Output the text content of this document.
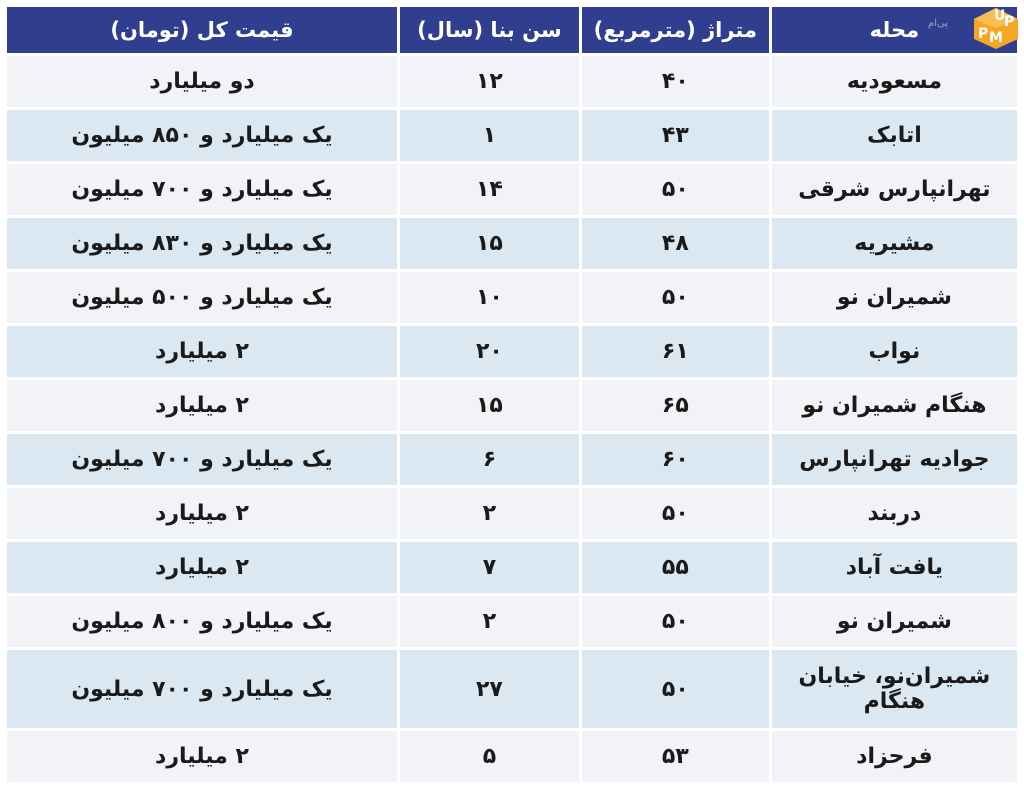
محله	متراژ (مترمربع)	سن بنا (سال)	قیمت کل (تومان)
مسعودیه	۴۰	۱۲	دو میلیارد
اتابک	۴۳	۱	یک میلیارد و ۸۵۰ میلیون
تهرانپارس شرقی	۵۰	۱۴	یک میلیارد و ۷۰۰ میلیون
مشیریه	۴۸	۱۵	یک میلیارد و ۸۳۰ میلیون
شمیران نو	۵۰	۱۰	یک میلیارد و ۵۰۰ میلیون
نواب	۶۱	۲۰	۲ میلیارد
هنگام شمیران نو	۶۵	۱۵	۲ میلیارد
جوادیه تهرانپارس	۶۰	۶	یک میلیارد و ۷۰۰ میلیون
دربند	۵۰	۲	۲ میلیارد
یافت آباد	۵۵	۷	۲ میلیارد
شمیران نو	۵۰	۲	یک میلیارد و ۸۰۰ میلیون
شمیران‌نو، خیابان هنگام	۵۰	۲۷	یک میلیارد و ۷۰۰ میلیون
فرحزاد	۵۳	۵	۲ میلیارد
U
P
P M
پی‌ام
